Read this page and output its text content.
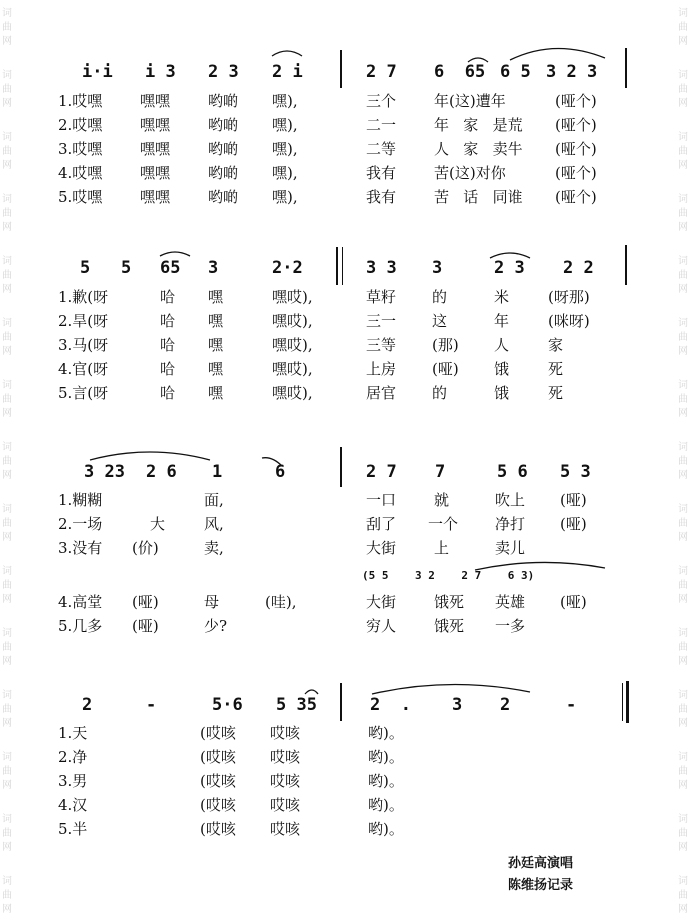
词
曲
网
词
曲
网
词
曲
网
词
曲
网
词
曲
网
词
曲
网
词
曲
网
词
曲
网
词
曲
网
词
曲
网
词
曲
网
词
曲
网
词
曲
网
词
曲
网
词
曲
网
词
曲
网
词
曲
网
词
曲
网
词
曲
网
词
曲
网
词
曲
网
词
曲
网
词
曲
网
词
曲
网
词
曲
网
词
曲
网
词
曲
网
词
曲
网
词
曲
网
词
曲
网
i·i i 3 2 3 2 i	2 7 6  65 6 5 3 2 3
1.哎嘿	嘿嘿	哟啲 嘿),	三个	年(这)遭年	(哑个)
2.哎嘿	嘿嘿	哟啲 嘿),	二一	年   家   是荒 (哑个)
3.哎嘿	嘿嘿	哟啲 嘿),	二等	人   家   卖牛 (哑个)
4.哎嘿	嘿嘿	哟啲 嘿),	我有	苦(这)对你	(哑个)
5.哎嘿	嘿嘿	哟啲 嘿),	我有	苦   话   同谁 (哑个)
5   5 65 3	2·2	3 3 3	2 3 2 2
1.歉(呀	哈 嘿	嘿哎),	草籽 的	米	(呀那)
2.旱(呀	哈 嘿	嘿哎),	三一 这	年	(咪呀)
3.马(呀	哈 嘿	嘿哎),	三等 (那) 人	家
4.官(呀	哈 嘿	嘿哎),	上房 (哑) 饿	死
5.言(呀	哈 嘿	嘿哎),	居官 的	饿	死
3 23 2 6 1	6	2 7 7	5 6 5 3
(5 5    3 2    2 7    6 3)
1.糊糊	面,	一口	就	吹上 (哑)
2.一场	大	风,	刮了 一个 净打 (哑)
3.没有 (价)	卖,	大街	上	卖儿
4.高堂 (哑)	母	(哇),	大街	饿死 英雄 (哑)
5.几多 (哑)	少?	穷人	饿死 一多
2	-	5·6 5 35	2  . 3 2	-
1.天	(哎咳 哎咳	哟)。
2.净	(哎咳 哎咳	哟)。
3.男	(哎咳 哎咳	哟)。
4.汉	(哎咳 哎咳	哟)。
5.半	(哎咳 哎咳	哟)。
孙廷高演唱
陈维扬记录
